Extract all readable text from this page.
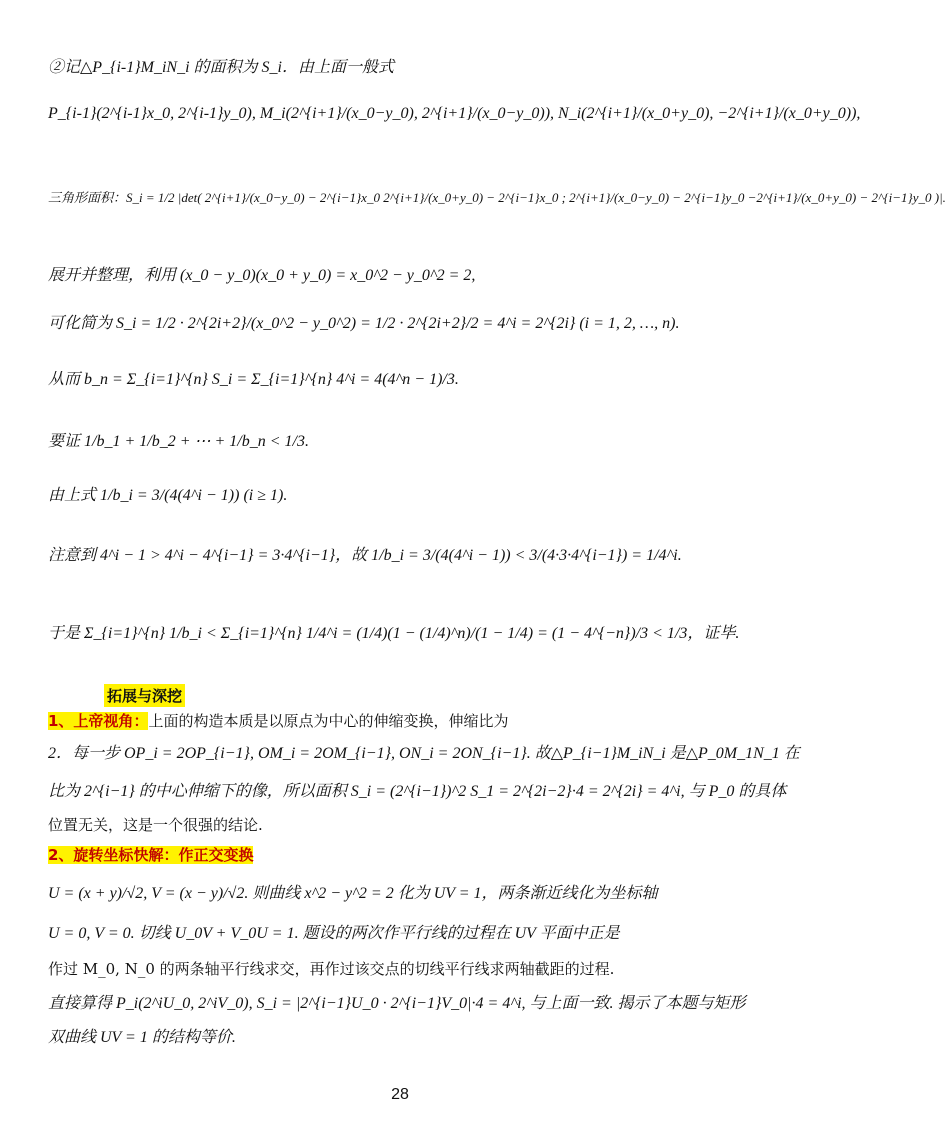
②记△P_{i-1}M_iN_i 的面积为 S_i．由上面一般式
P_{i-1}(2^{i-1}x_0, 2^{i-1}y_0), M_i(2^{i+1}/(x_0−y_0), 2^{i+1}/(x_0−y_0)), N_i(2^{i+1}/(x_0+y_0), −2^{i+1}/(x_0+y_0)),
三角形面积：S_i = 1/2 |det( 2^{i+1}/(x_0−y_0) − 2^{i−1}x_0 2^{i+1}/(x_0+y_0) − 2^{i−1}x_0 ; 2^{i+1}/(x_0−y_0) − 2^{i−1}y_0 −2^{i+1}/(x_0+y_0) − 2^{i−1}y_0 )|.
展开并整理，利用 (x_0 − y_0)(x_0 + y_0) = x_0^2 − y_0^2 = 2,
可化简为 S_i = 1/2 · 2^{2i+2}/(x_0^2 − y_0^2) = 1/2 · 2^{2i+2}/2 = 4^i = 2^{2i} (i = 1, 2, …, n).
从而 b_n = Σ_{i=1}^{n} S_i = Σ_{i=1}^{n} 4^i = 4(4^n − 1)/3.
要证 1/b_1 + 1/b_2 + ⋯ + 1/b_n < 1/3.
由上式 1/b_i = 3/(4(4^i − 1)) (i ≥ 1).
注意到 4^i − 1 > 4^i − 4^{i−1} = 3·4^{i−1}，故 1/b_i = 3/(4(4^i − 1)) < 3/(4·3·4^{i−1}) = 1/4^i.
于是 Σ_{i=1}^{n} 1/b_i < Σ_{i=1}^{n} 1/4^i = (1/4)(1 − (1/4)^n)/(1 − 1/4) = (1 − 4^{−n})/3 < 1/3，证毕.
拓展与深挖
1、上帝视角：上面的构造本质是以原点为中心的伸缩变换，伸缩比为
2．每一步 OP_i = 2OP_{i−1}, OM_i = 2OM_{i−1}, ON_i = 2ON_{i−1}. 故△P_{i−1}M_iN_i 是△P_0M_1N_1 在
比为 2^{i−1} 的中心伸缩下的像，所以面积 S_i = (2^{i−1})^2 S_1 = 2^{2i−2}·4 = 2^{2i} = 4^i, 与 P_0 的具体
位置无关，这是一个很强的结论.
2、旋转坐标快解：作正交变换
U = (x + y)/√2, V = (x − y)/√2. 则曲线 x^2 − y^2 = 2 化为 UV = 1，两条渐近线化为坐标轴
U = 0, V = 0. 切线 U_0V + V_0U = 1. 题设的两次作平行线的过程在 UV 平面中正是
作过 M_0, N_0 的两条轴平行线求交，再作过该交点的切线平行线求两轴截距的过程.
直接算得 P_i(2^iU_0, 2^iV_0), S_i = |2^{i−1}U_0 · 2^{i−1}V_0|·4 = 4^i, 与上面一致. 揭示了本题与矩形
双曲线 UV = 1 的结构等价.
28
